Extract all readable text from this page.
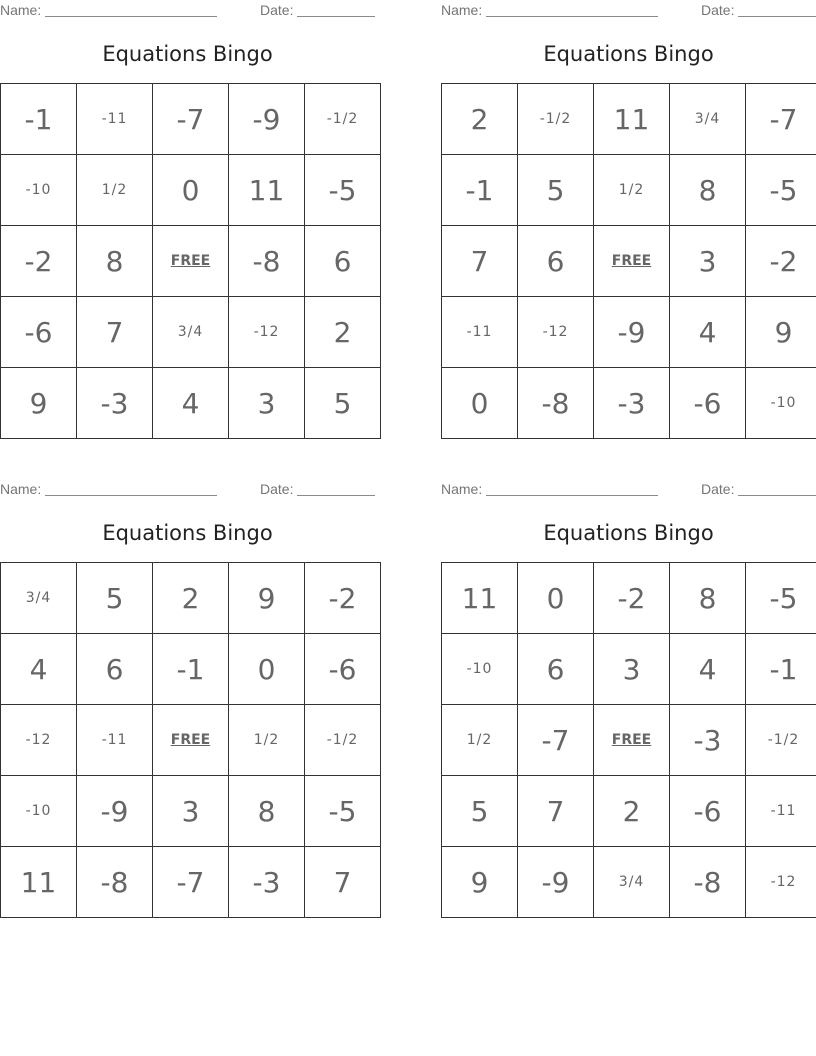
Name:	Date:
Equations Bingo
-1	-11	-7	-9	-1/2
-10	1/2	0	11	-5
-2	8	FREE	-8	6
-6	7	3/4	-12	2
9	-3	4	3	5
Name:	Date:
Equations Bingo
2	-1/2	11	3/4	-7
-1	5	1/2	8	-5
7	6	FREE	3	-2
-11	-12	-9	4	9
0	-8	-3	-6	-10
Name:	Date:
Equations Bingo
3/4	5	2	9	-2
4	6	-1	0	-6
-12	-11	FREE	1/2	-1/2
-10	-9	3	8	-5
11	-8	-7	-3	7
Name:	Date:
Equations Bingo
11	0	-2	8	-5
-10	6	3	4	-1
1/2	-7	FREE	-3	-1/2
5	7	2	-6	-11
9	-9	3/4	-8	-12
